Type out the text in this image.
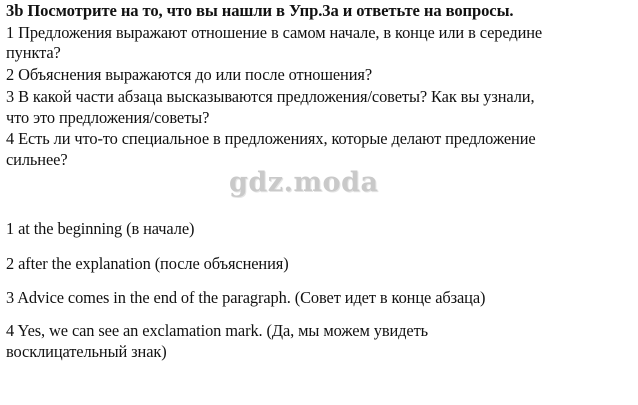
3b Посмотрите на то, что вы нашли в Упр.3а и ответьте на вопросы.
1 Предложения выражают отношение в самом начале, в конце или в середине
пункта?
2 Объяснения выражаются до или после отношения?
3 В какой части абзаца высказываются предложения/советы? Как вы узнали,
что это предложения/советы?
4 Есть ли что-то специальное в предложениях, которые делают предложение
сильнее?
gdz.moda
1 at the beginning (в начале)
2 after the explanation (после объяснения)
3 Advice comes in the end of the paragraph. (Совет идет в конце абзаца)
4 Yes, we can see an exclamation mark. (Да, мы можем увидеть
восклицательный знак)
